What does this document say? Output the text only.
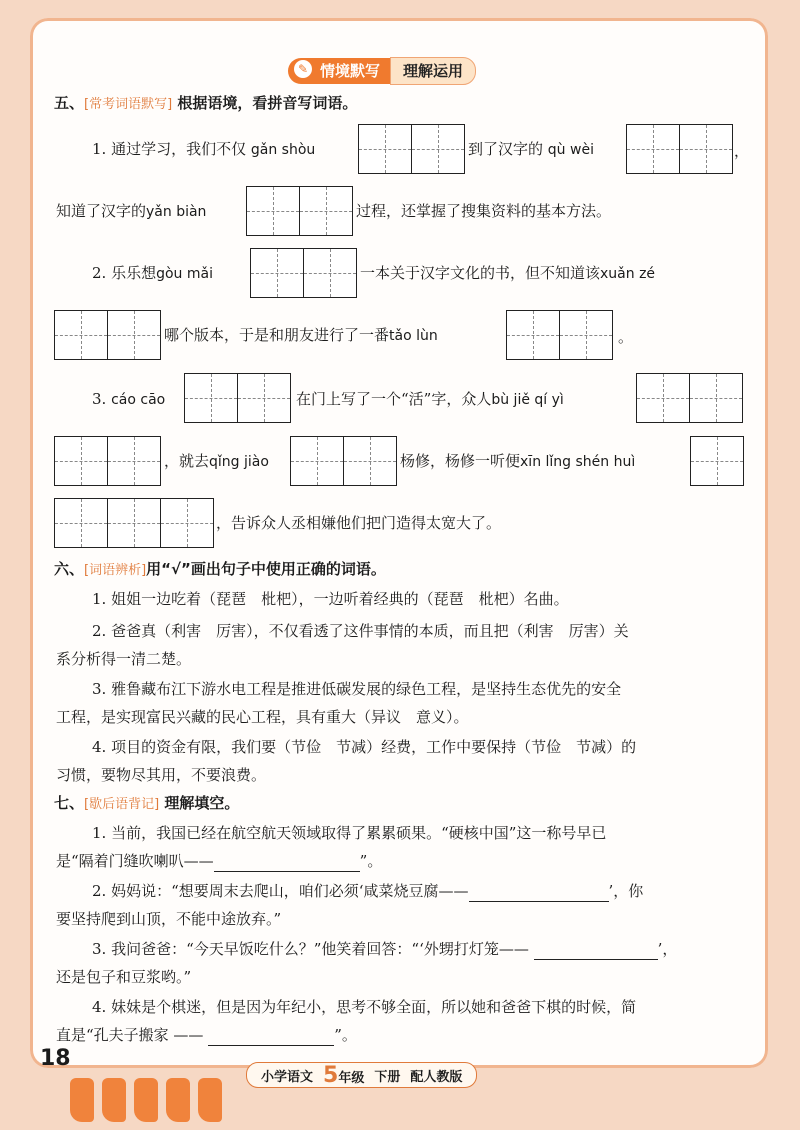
✎ 情境默写	理解运用
五、[常考词语默写] 根据语境，看拼音写词语。
1. 通过学习，我们不仅 gǎn shòu	到了汉字的 qù wèi	，
知道了汉字的yǎn biàn	过程，还掌握了搜集资料的基本方法。
2. 乐乐想gòu mǎi	一本关于汉字文化的书，但不知道该xuǎn zé
哪个版本，于是和朋友进行了一番tǎo lùn	。
3. cáo cāo	在门上写了一个“活”字，众人bù jiě qí yì
，就去qǐng jiào	杨修，杨修一听便xīn lǐng shén huì
，告诉众人丞相嫌他们把门造得太宽大了。
六、[词语辨析]用“√”画出句子中使用正确的词语。
1. 姐姐一边吃着（琵琶　枇杷），一边听着经典的（琵琶　枇杷）名曲。
2. 爸爸真（利害　厉害），不仅看透了这件事情的本质，而且把（利害　厉害）关
系分析得一清二楚。
3. 雅鲁藏布江下游水电工程是推进低碳发展的绿色工程，是坚持生态优先的安全
工程，是实现富民兴藏的民心工程，具有重大（异议　意义）。
4. 项目的资金有限，我们要（节俭　节减）经费，工作中要保持（节俭　节减）的
习惯，要物尽其用，不要浪费。
七、[歇后语背记] 理解填空。
1. 当前，我国已经在航空航天领域取得了累累硕果。“硬核中国”这一称号早已
是“隔着门缝吹喇叭——	”。
2. 妈妈说：“想要周末去爬山，咱们必须‘咸菜烧豆腐——	’，你
要坚持爬到山顶，不能中途放弃。”
3. 我问爸爸：“今天早饭吃什么？”他笑着回答：“‘外甥打灯笼——	’，
还是包子和豆浆哟。”
4. 妹妹是个棋迷，但是因为年纪小，思考不够全面，所以她和爸爸下棋的时候，简
直是“孔夫子搬家 ——	”。
18
小学语文 5年级 下册 配人教版
